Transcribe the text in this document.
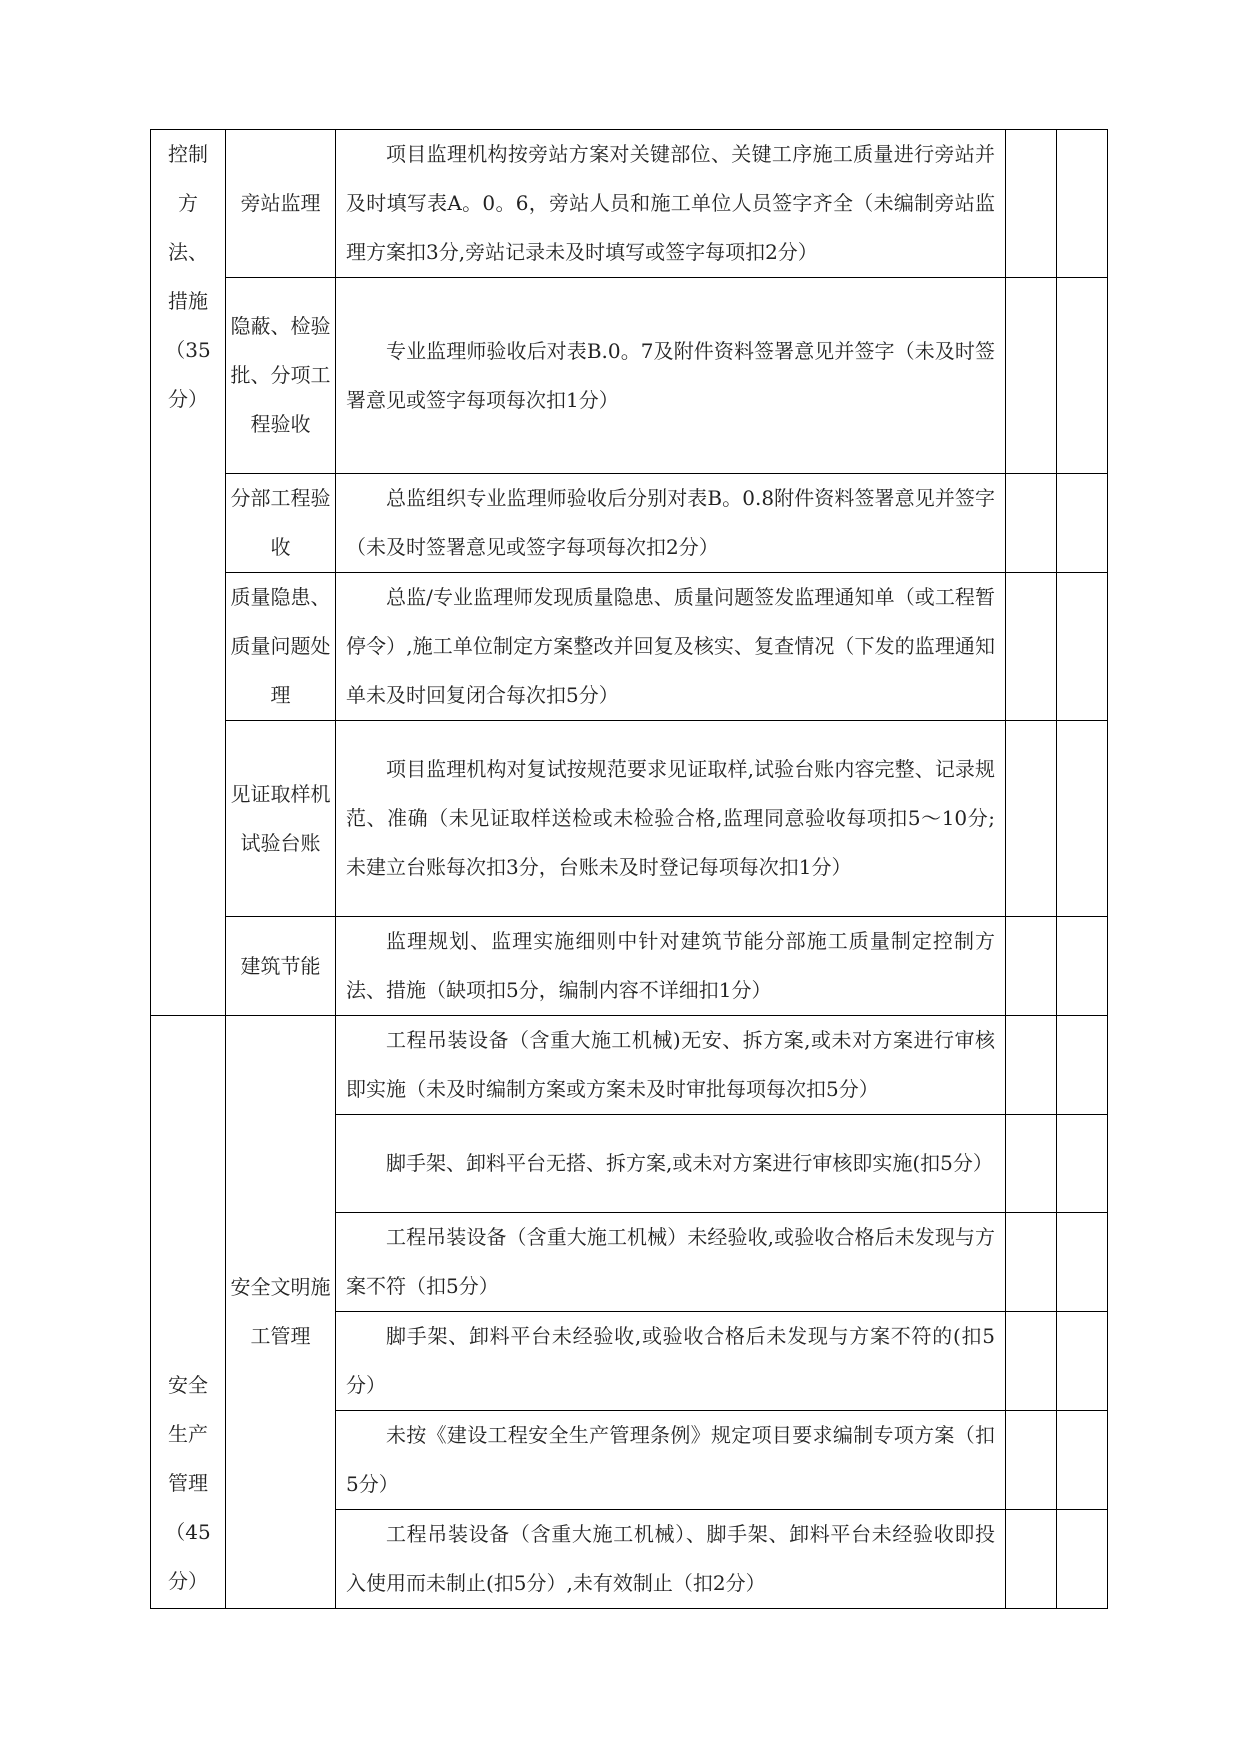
控制方法、措施（35分）	旁站监理	项目监理机构按旁站方案对关键部位、关键工序施工质量进行旁站并及时填写表A。0。6，旁站人员和施工单位人员签字齐全（未编制旁站监理方案扣3分,旁站记录未及时填写或签字每项扣2分）		

	隐蔽、检验批、分项工程验收	专业监理师验收后对表B.0。7及附件资料签署意见并签字（未及时签署意见或签字每项每次扣1分）		

	分部工程验收	总监组织专业监理师验收后分别对表B。0.8附件资料签署意见并签字（未及时签署意见或签字每项每次扣2分）		

	质量隐患、质量问题处理	总监/专业监理师发现质量隐患、质量问题签发监理通知单（或工程暂停令）,施工单位制定方案整改并回复及核实、复查情况（下发的监理通知单未及时回复闭合每次扣5分）		

	见证取样机试验台账	项目监理机构对复试按规范要求见证取样,试验台账内容完整、记录规范、准确（未见证取样送检或未检验合格,监理同意验收每项扣5～10分;未建立台账每次扣3分，台账未及时登记每项每次扣1分）		

	建筑节能	监理规划、监理实施细则中针对建筑节能分部施工质量制定控制方法、措施（缺项扣5分，编制内容不详细扣1分）		

安全生产管理（45分）	安全文明施工管理	工程吊装设备（含重大施工机械)无安、拆方案,或未对方案进行审核即实施（未及时编制方案或方案未及时审批每项每次扣5分）		

		脚手架、卸料平台无搭、拆方案,或未对方案进行审核即实施(扣5分）		

		工程吊装设备（含重大施工机械）未经验收,或验收合格后未发现与方案不符（扣5分）		

		脚手架、卸料平台未经验收,或验收合格后未发现与方案不符的(扣5分）		

		未按《建设工程安全生产管理条例》规定项目要求编制专项方案（扣5分）		

		工程吊装设备（含重大施工机械）、脚手架、卸料平台未经验收即投入使用而未制止(扣5分）,未有效制止（扣2分）		
